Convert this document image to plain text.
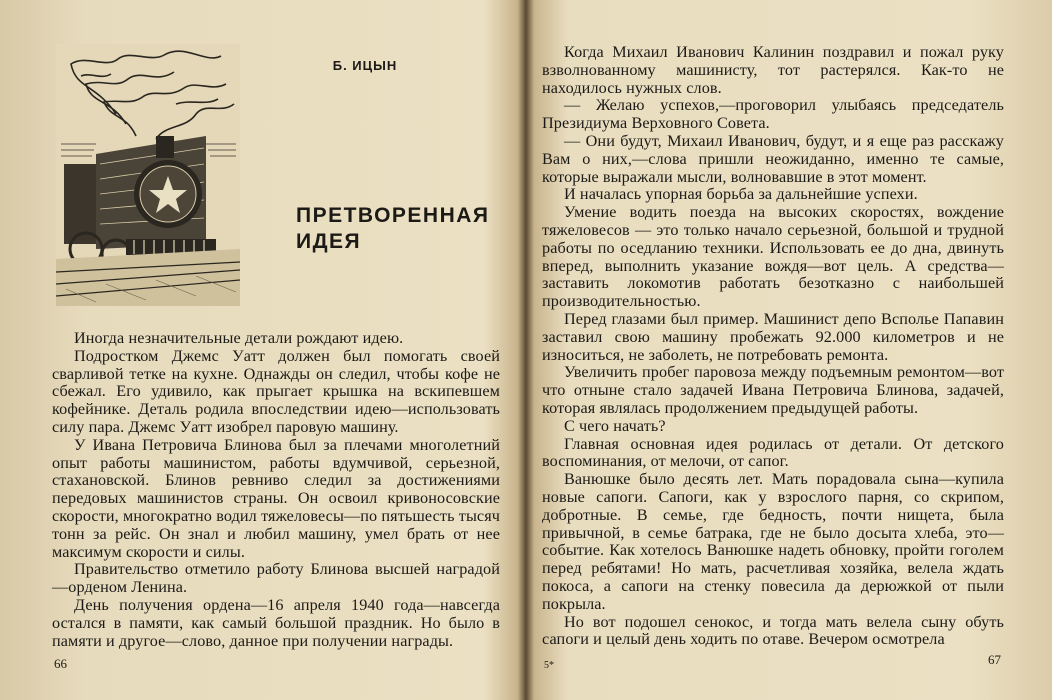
Б. ИЦЫН
ПРЕТВОРЕННАЯ ИДЕЯ

Иногда незначительные детали рождают идею.

Подростком Джемс Уатт должен был помогать своей сварливой тетке на кухне. Однажды он следил, чтобы кофе не сбежал. Его удивило, как прыгает крышка на вскипевшем кофейнике. Деталь родила впоследствии идею—использовать силу пара. Джемс Уатт изобрел паровую машину.

У Ивана Петровича Блинова был за плечами многолетний опыт работы машинистом, работы вдумчивой, серьезной, стахановской. Блинов ревниво следил за достижениями передовых машинистов страны. Он освоил кривоносовские скорости, многократно водил тяжеловесы—по пятьшесть тысяч тонн за рейс. Он знал и любил машину, умел брать от нее максимум скорости и силы.

Правительство отметило работу Блинова высшей наградой—орденом Ленина.

День получения ордена—16 апреля 1940 года—навсегда остался в памяти, как самый большой праздник. Но было в памяти и другое—слово, данное при получении награды.

66

Когда Михаил Иванович Калинин поздравил и пожал руку взволнованному машинисту, тот растерялся. Как-то не находилось нужных слов.

— Желаю успехов,—проговорил улыбаясь председатель Президиума Верховного Совета.

— Они будут, Михаил Иванович, будут, и я еще раз расскажу Вам о них,—слова пришли неожиданно, именно те самые, которые выражали мысли, волновавшие в этот момент.

И началась упорная борьба за дальнейшие успехи.

Умение водить поезда на высоких скоростях, вождение тяжеловесов — это только начало серьезной, большой и трудной работы по оседланию техники. Использовать ее до дна, двинуть вперед, выполнить указание вождя—вот цель. А средства—заставить локомотив работать безотказно с наибольшей производительностью.

Перед глазами был пример. Машинист депо Всполье Папавин заставил свою машину пробежать 92.000 километров и не износиться, не заболеть, не потребовать ремонта.

Увеличить пробег паровоза между подъемным ремонтом—вот что отныне стало задачей Ивана Петровича Блинова, задачей, которая являлась продолжением предыдущей работы.

С чего начать?

Главная основная идея родилась от детали. От детского воспоминания, от мелочи, от сапог.

Ванюшке было десять лет. Мать порадовала сына—купила новые сапоги. Сапоги, как у взрослого парня, со скрипом, добротные. В семье, где бедность, почти нищета, была привычной, в семье батрака, где не было досыта хлеба, это—событие. Как хотелось Ванюшке надеть обновку, пройти гоголем перед ребятами! Но мать, расчетливая хозяйка, велела ждать покоса, а сапоги на стенку повесила да дерюжкой от пыли покрыла.

Но вот подошел сенокос, и тогда мать велела сыну обуть сапоги и целый день ходить по отаве. Вечером осмотрела

5*	67
